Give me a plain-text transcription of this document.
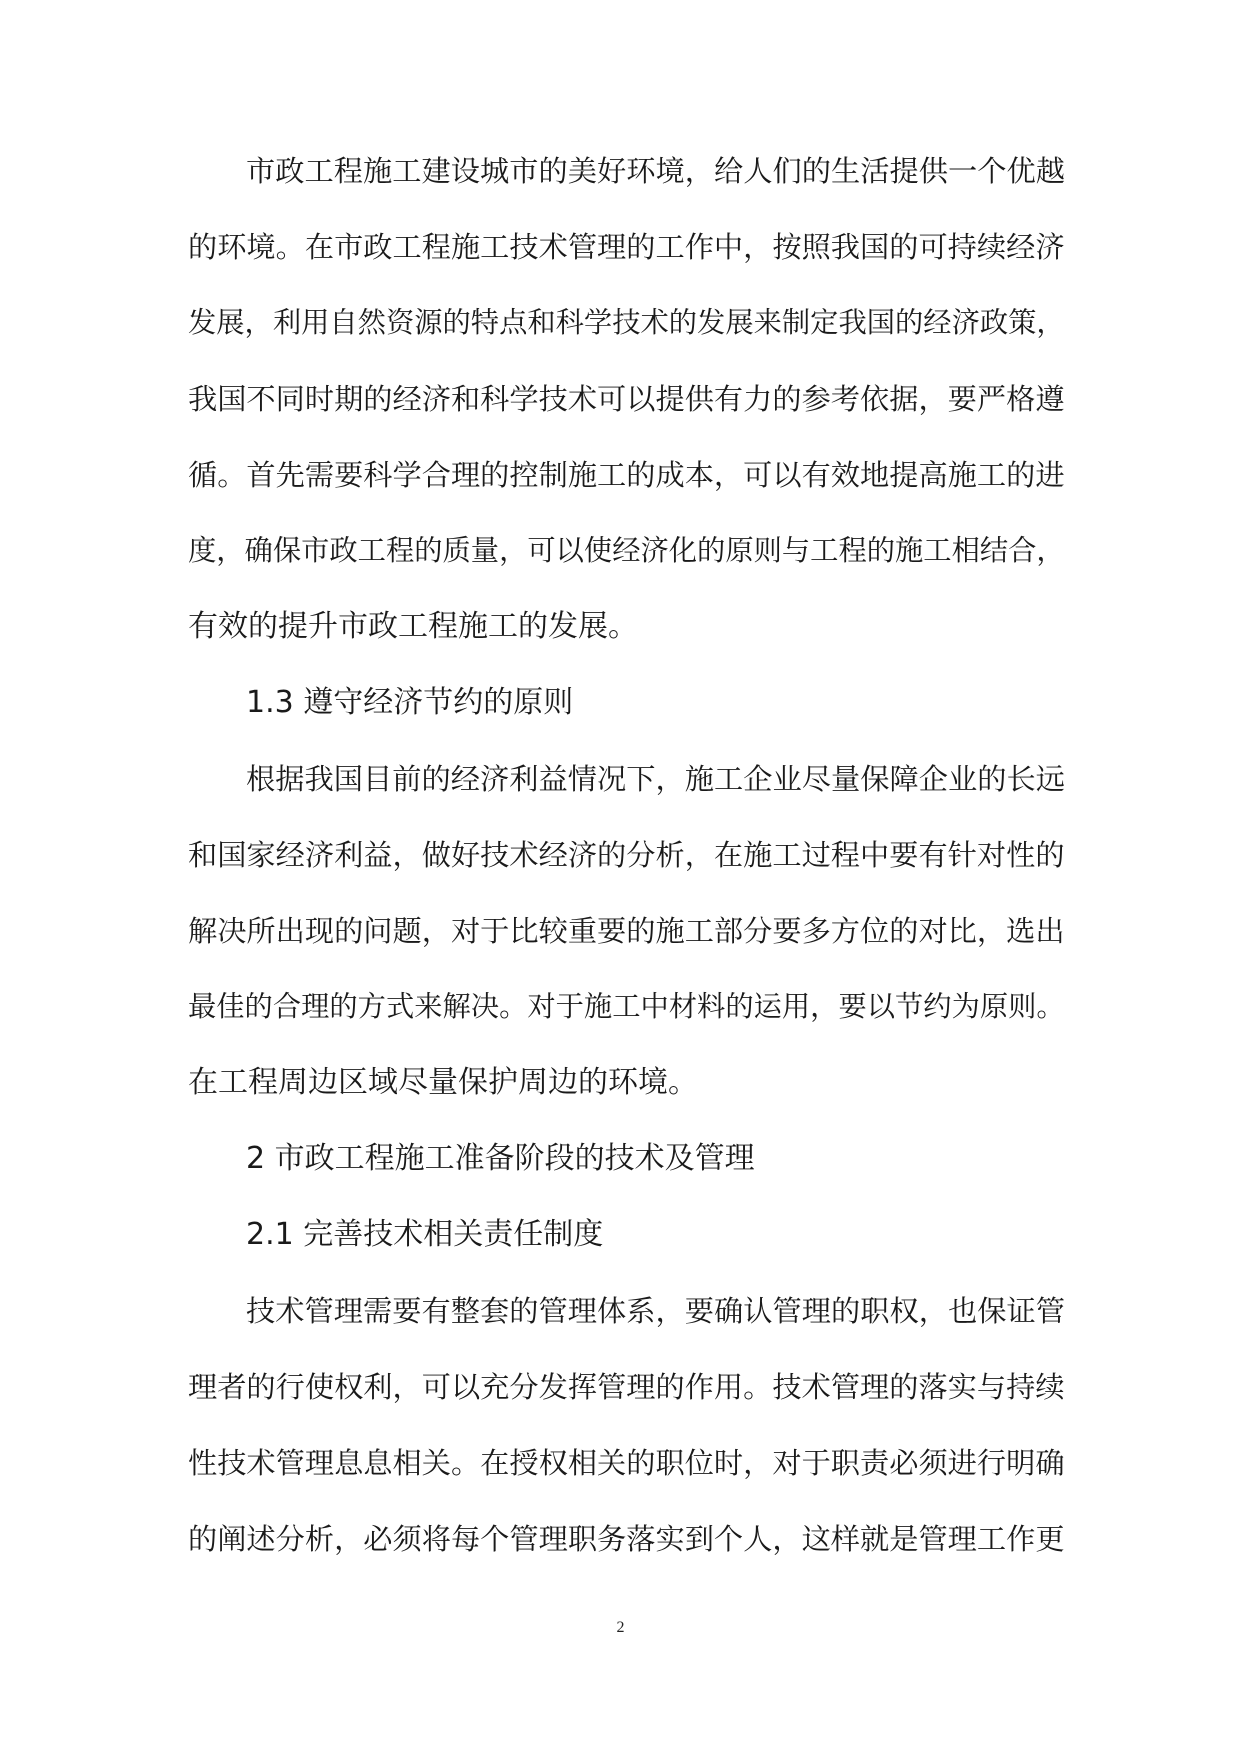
市政工程施工建设城市的美好环境，给人们的生活提供一个优越
的环境。在市政工程施工技术管理的工作中，按照我国的可持续经济
发展，利用自然资源的特点和科学技术的发展来制定我国的经济政策，
我国不同时期的经济和科学技术可以提供有力的参考依据，要严格遵
循。首先需要科学合理的控制施工的成本，可以有效地提高施工的进
度，确保市政工程的质量，可以使经济化的原则与工程的施工相结合，
有效的提升市政工程施工的发展。
1.3 遵守经济节约的原则
根据我国目前的经济利益情况下，施工企业尽量保障企业的长远
和国家经济利益，做好技术经济的分析，在施工过程中要有针对性的
解决所出现的问题，对于比较重要的施工部分要多方位的对比，选出
最佳的合理的方式来解决。对于施工中材料的运用，要以节约为原则。
在工程周边区域尽量保护周边的环境。
2 市政工程施工准备阶段的技术及管理
2.1 完善技术相关责任制度
技术管理需要有整套的管理体系，要确认管理的职权，也保证管
理者的行使权利，可以充分发挥管理的作用。技术管理的落实与持续
性技术管理息息相关。在授权相关的职位时，对于职责必须进行明确
的阐述分析，必须将每个管理职务落实到个人，这样就是管理工作更
2
